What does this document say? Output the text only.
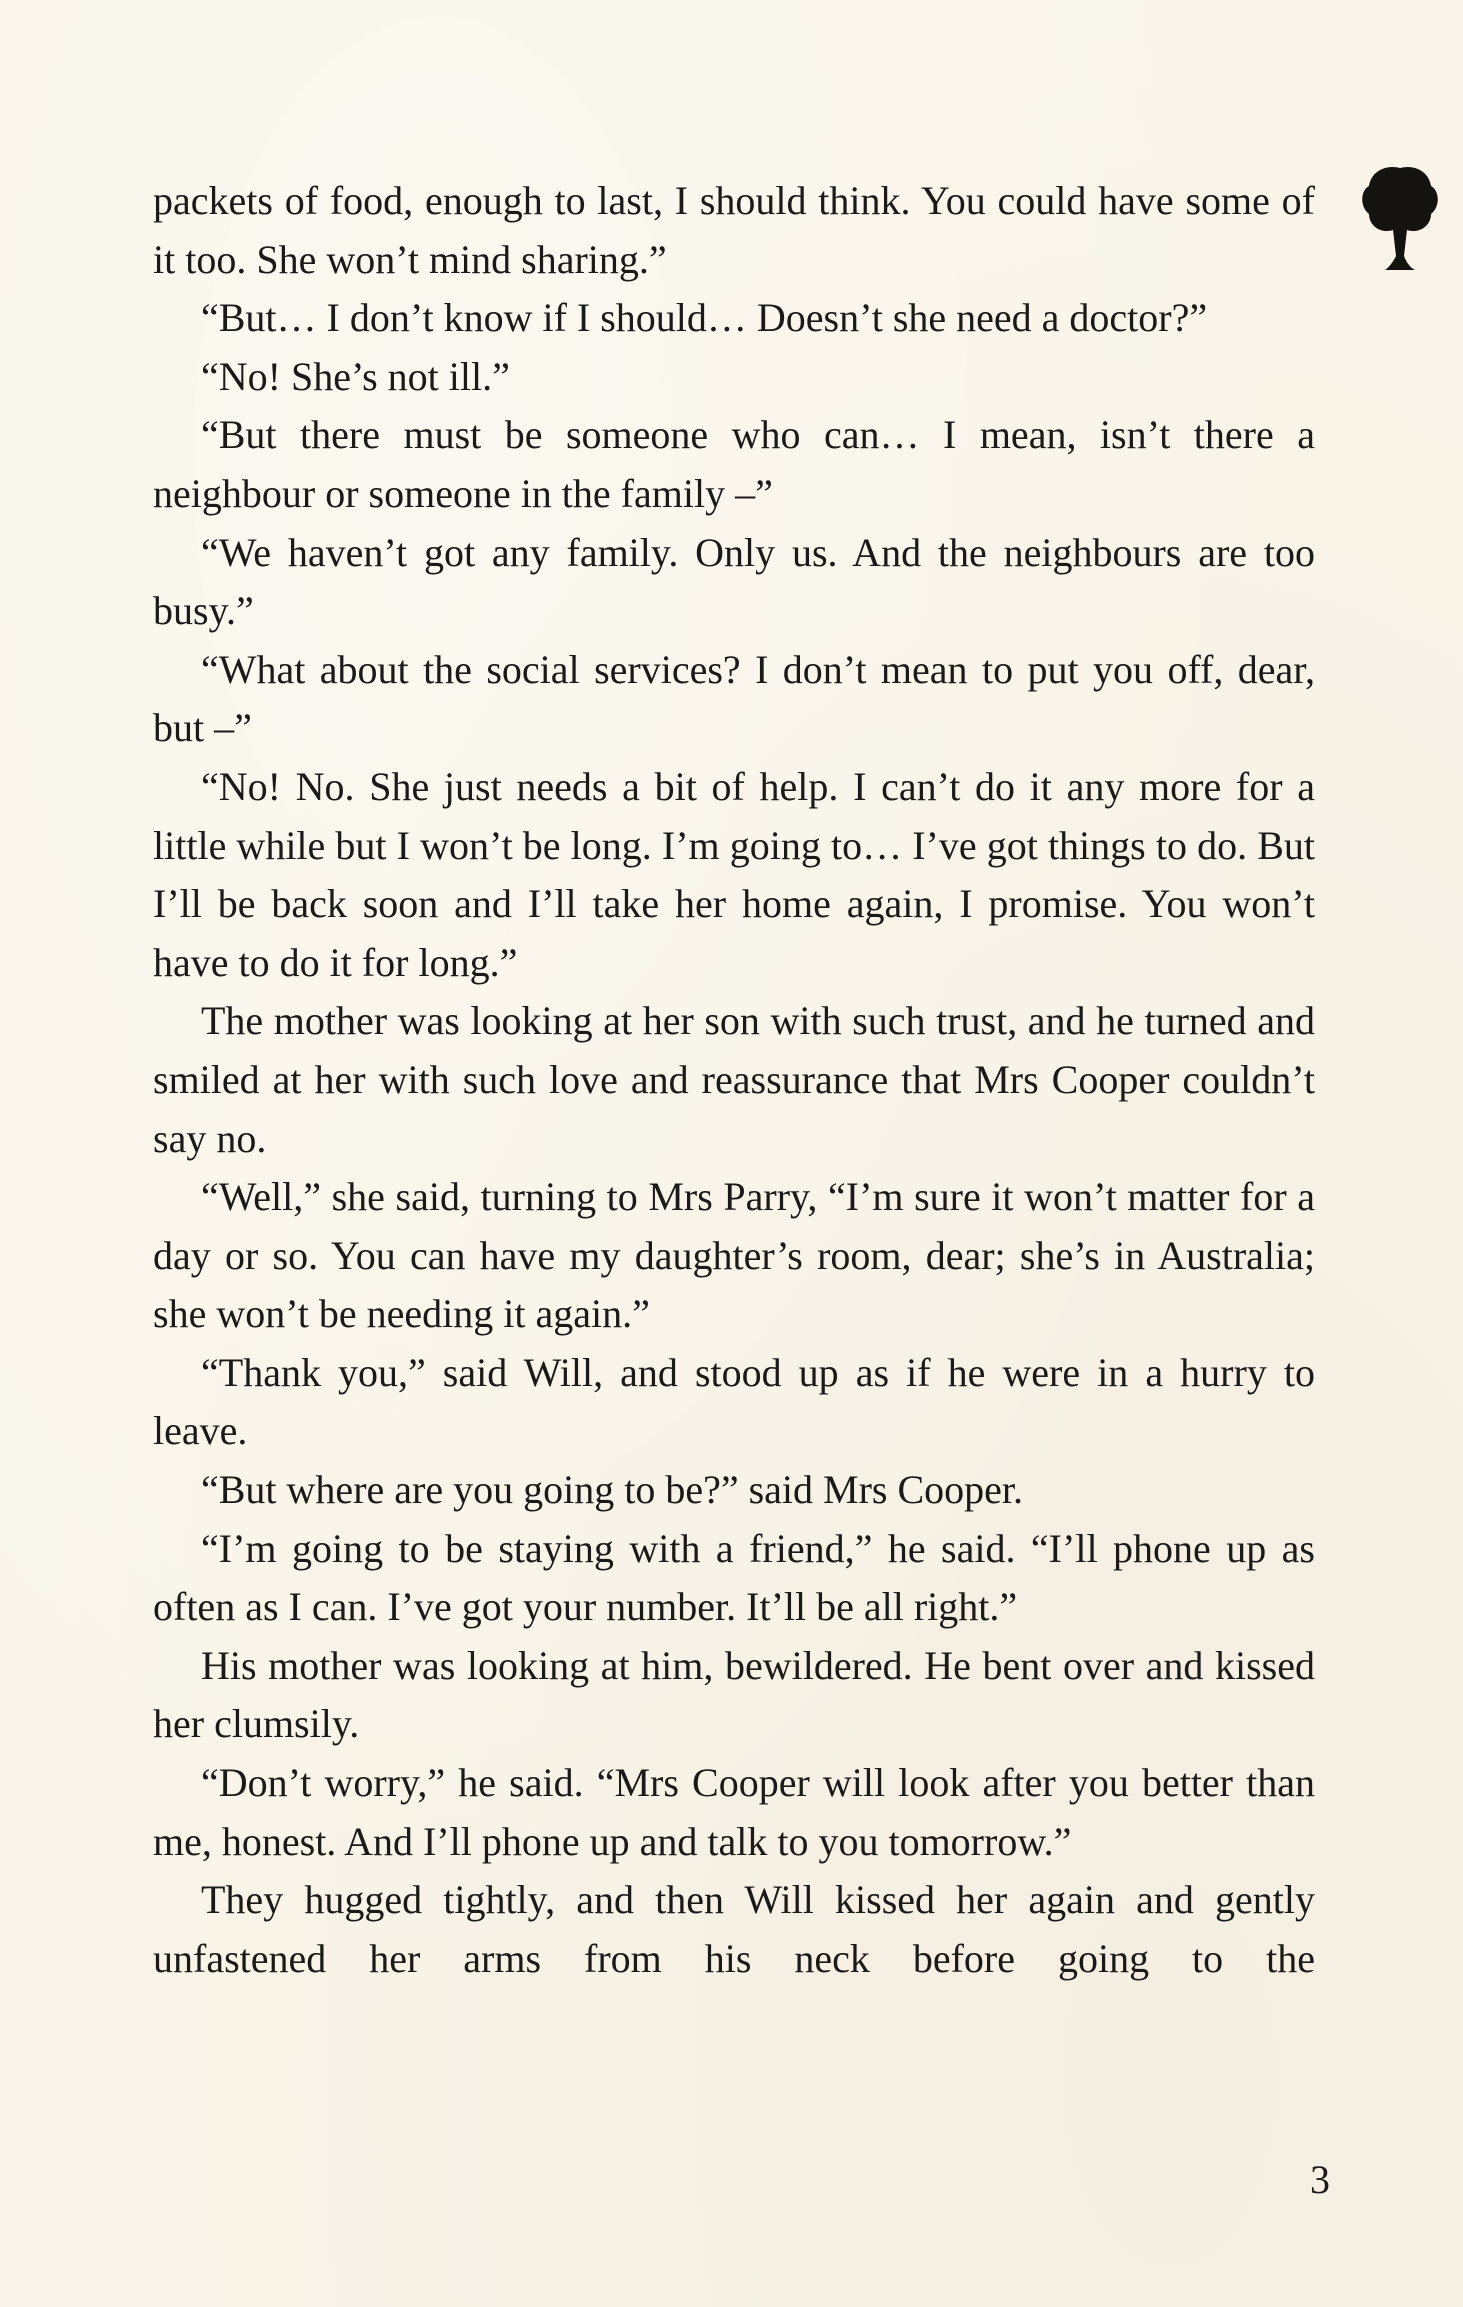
packets of food, enough to last, I should think. You could have some of it too. She won’t mind sharing.”

“But… I don’t know if I should… Doesn’t she need a doctor?”

“No! She’s not ill.”

“But there must be someone who can… I mean, isn’t there a neighbour or someone in the family –”

“We haven’t got any family. Only us. And the neighbours are too busy.”

“What about the social services? I don’t mean to put you off, dear, but –”

“No! No. She just needs a bit of help. I can’t do it any more for a little while but I won’t be long. I’m going to… I’ve got things to do. But I’ll be back soon and I’ll take her home again, I promise. You won’t have to do it for long.”

The mother was looking at her son with such trust, and he turned and smiled at her with such love and reassurance that Mrs Cooper couldn’t say no.

“Well,” she said, turning to Mrs Parry, “I’m sure it won’t matter for a day or so. You can have my daughter’s room, dear; she’s in Australia; she won’t be needing it again.”

“Thank you,” said Will, and stood up as if he were in a hurry to leave.

“But where are you going to be?” said Mrs Cooper.

“I’m going to be staying with a friend,” he said. “I’ll phone up as often as I can. I’ve got your number. It’ll be all right.”

His mother was looking at him, bewildered. He bent over and kissed her clumsily.

“Don’t worry,” he said. “Mrs Cooper will look after you better than me, honest. And I’ll phone up and talk to you tomorrow.”

They hugged tightly, and then Will kissed her again and gently unfastened her arms from his neck before going to the

3
